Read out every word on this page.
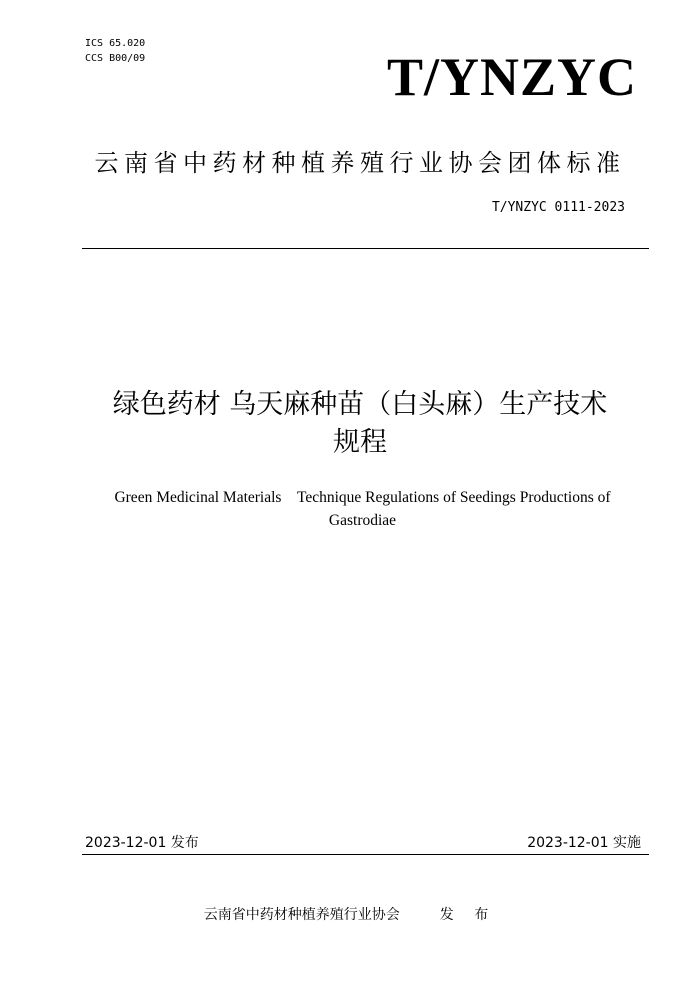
ICS 65.020
CCS B00/09	T/YNZYC
云南省中药材种植养殖行业协会团体标准
T/YNZYC 0111-2023
绿色药材 乌天麻种苗（白头麻）生产技术
规程
Green Medicinal Materials    Technique Regulations of Seedings Productions of
Gastrodiae
2023-12-01 发布	2023-12-01 实施
云南省中药材种植养殖行业协会	发 布
